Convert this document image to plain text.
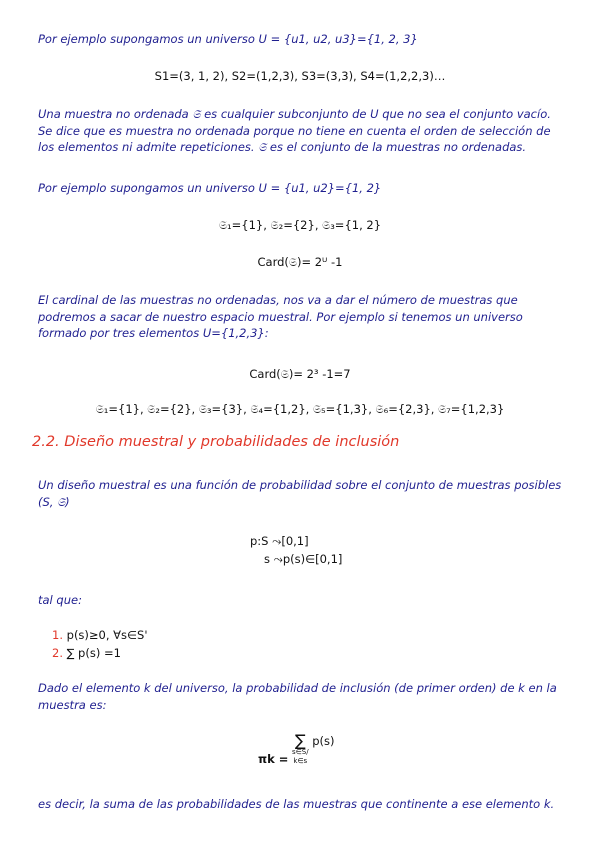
Por ejemplo supongamos un universo U = {u1, u2, u3}={1, 2, 3}
S1=(3, 1, 2), S2=(1,2,3), S3=(3,3), S4=(1,2,2,3)…
Una muestra no ordenada 𝔖 es cualquier subconjunto de U que no sea el conjunto vacío. Se dice que es muestra no ordenada porque no tiene en cuenta el orden de selección de los elementos ni admite repeticiones. 𝔖 es el conjunto de la muestras no ordenadas.
Por ejemplo supongamos un universo U = {u1, u2}={1, 2}
𝔖₁={1}, 𝔖₂={2}, 𝔖₃={1, 2}
Card(𝔖)= 2ᵁ -1
El cardinal de las muestras no ordenadas, nos va a dar el número de muestras que podremos a sacar de nuestro espacio muestral. Por ejemplo si tenemos un universo formado por tres elementos U={1,2,3}:
Card(𝔖)= 2³ -1=7
𝔖₁={1}, 𝔖₂={2}, 𝔖₃={3}, 𝔖₄={1,2}, 𝔖₅={1,3}, 𝔖₆={2,3}, 𝔖₇={1,2,3}
2.2. Diseño muestral y probabilidades de inclusión
Un diseño muestral es una función de probabilidad sobre el conjunto de muestras posibles (S, 𝔖)
p:S ⤳[0,1]
s ⤳p(s)∈[0,1]
tal que:
1. p(s)≥0, ∀s∈S'
2. ∑ p(s) =1
Dado el elemento k del universo, la probabilidad de inclusión (de primer orden) de k en la muestra es:
πk =
∑
s∈S/
k∈s
p(s)
es decir, la suma de las probabilidades de las muestras que continente a ese elemento k.
